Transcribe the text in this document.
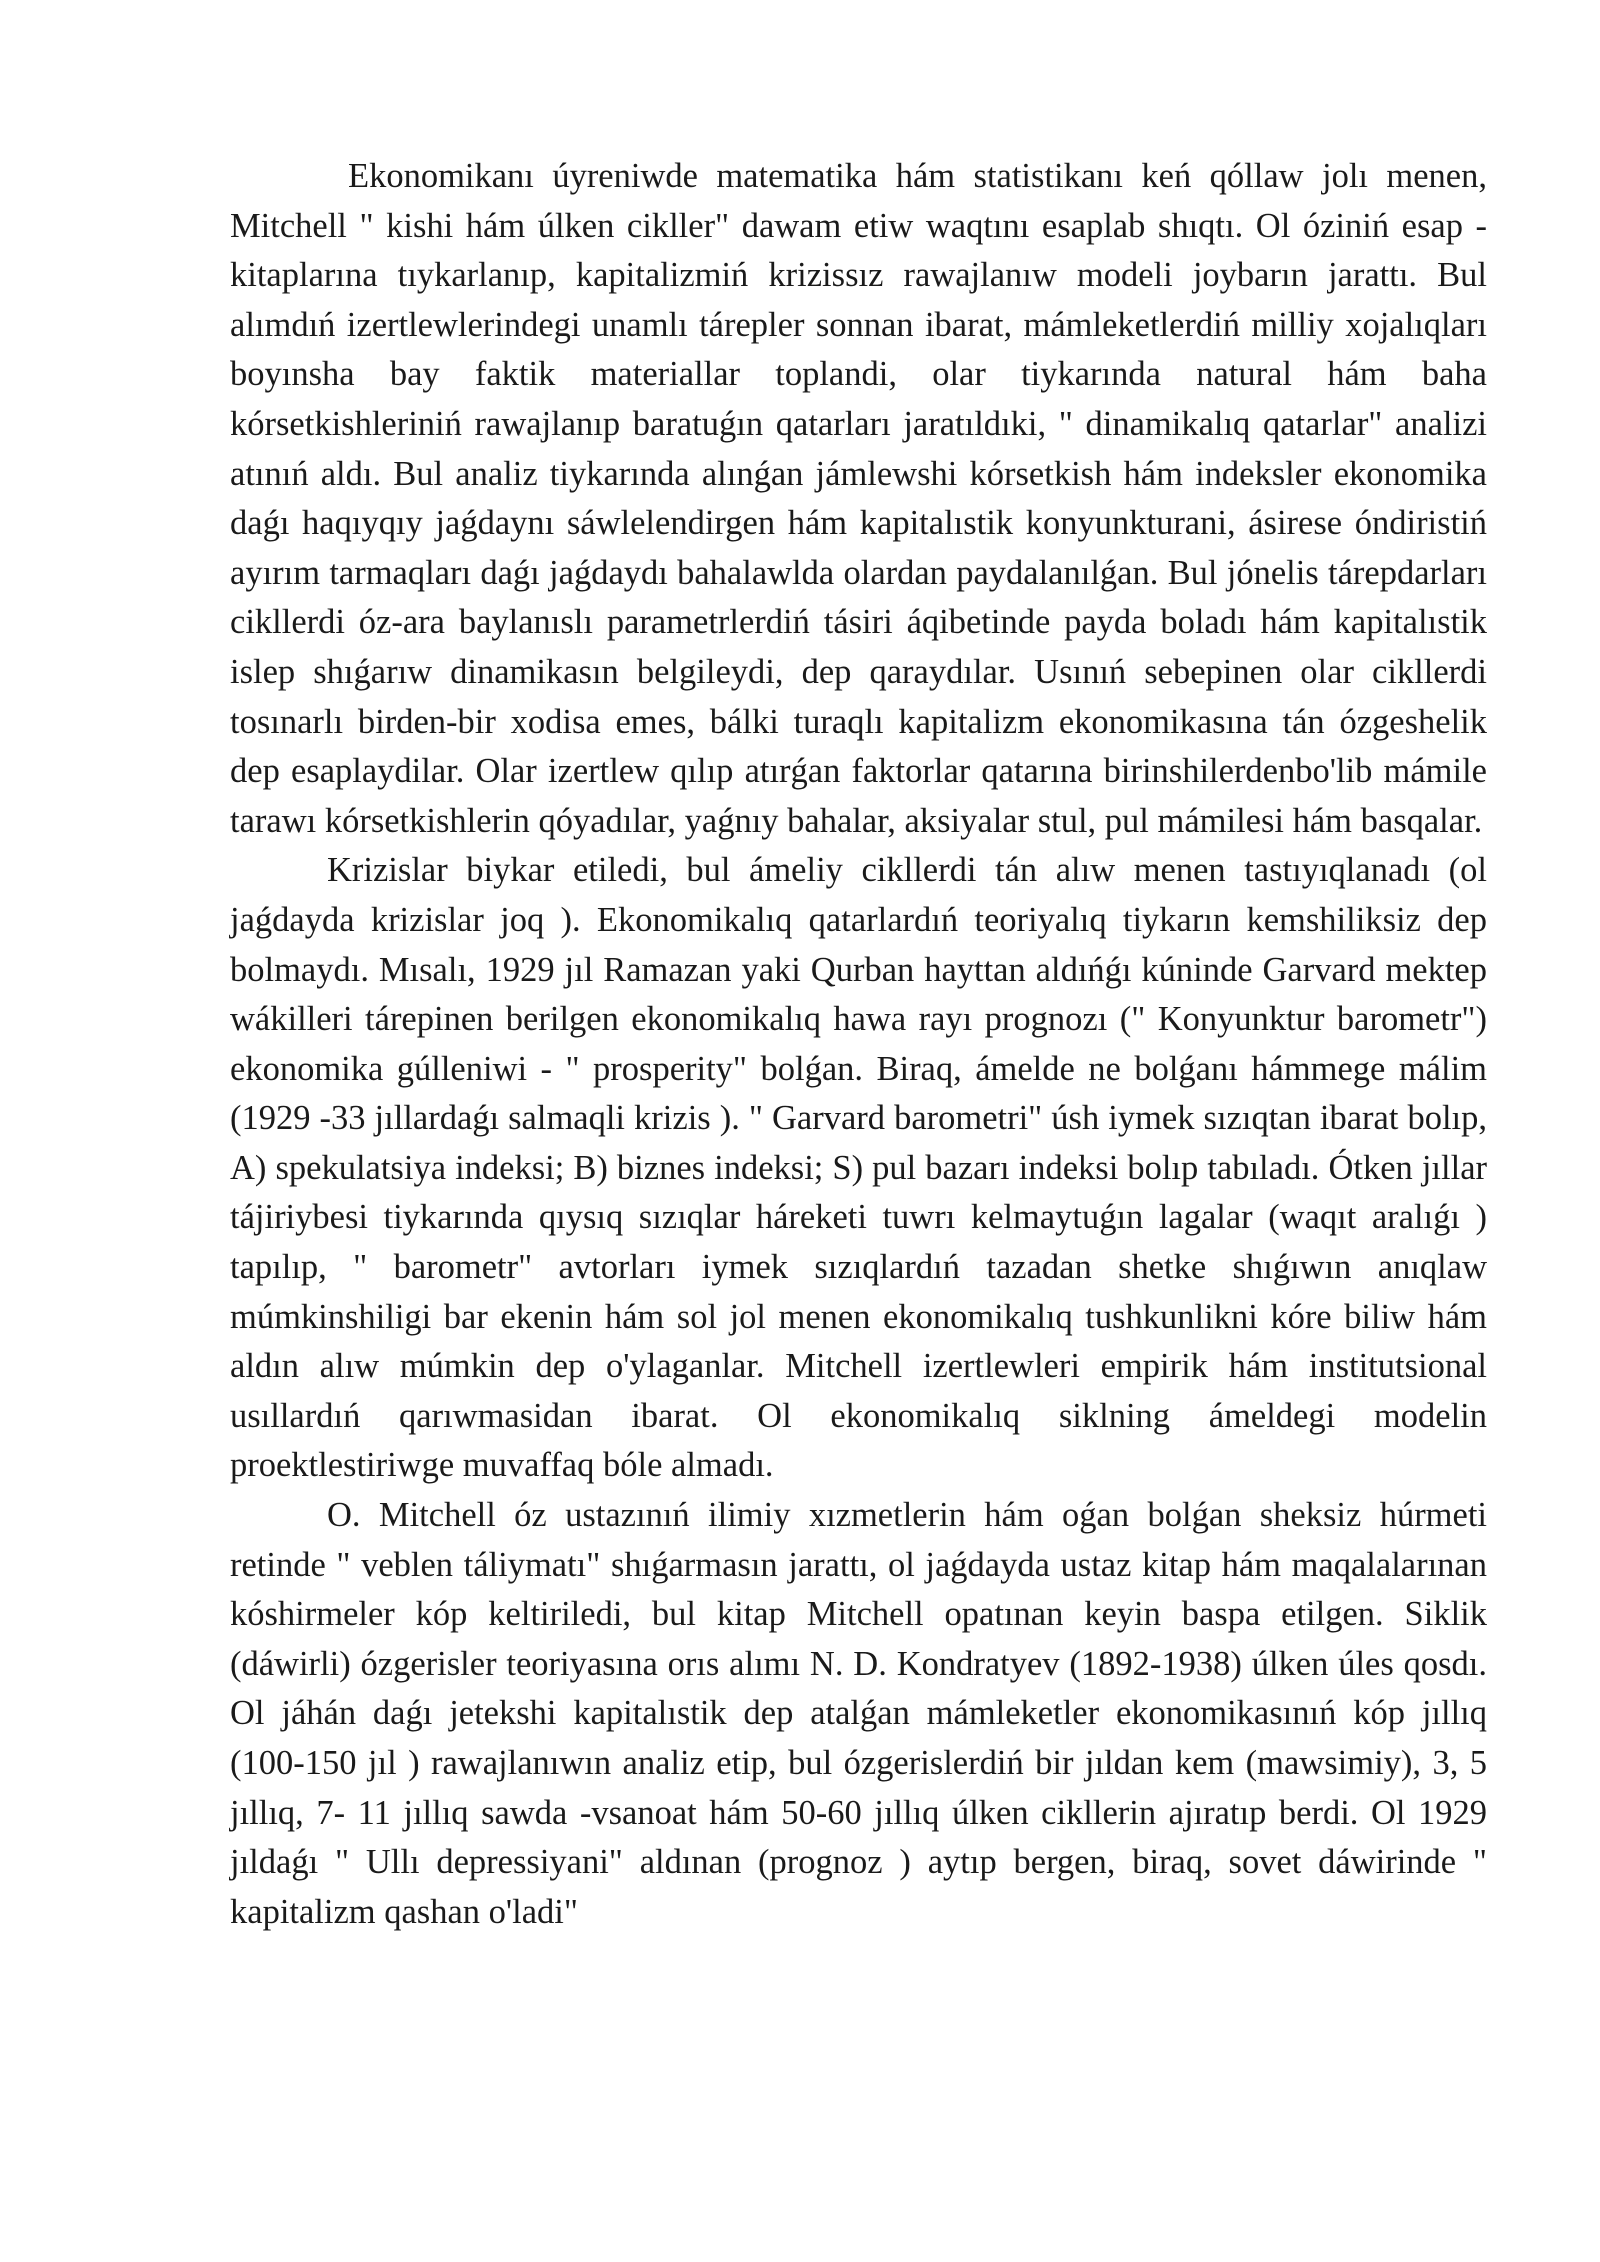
Ekonomikanı úyreniwde matematika hám statistikanı keń qóllaw jolı menen, Mitchell " kishi hám úlken cikller" dawam etiw waqtını esaplab shıqtı. Ol óziniń esap -kitaplarına tıykarlanıp, kapitalizmiń krizissız rawajlanıw modeli joybarın jarattı. Bul alımdıń izertlewlerindegi unamlı tárepler sonnan ibarat, mámleketlerdiń milliy xojalıqları boyınsha bay faktik materiallar toplandi, olar tiykarında natural hám baha kórsetkishleriniń rawajlanıp baratuǵın qatarları jaratıldıki, " dinamikalıq qatarlar" analizi atınıń aldı. Bul analiz tiykarında alınǵan jámlewshi kórsetkish hám indeksler ekonomika daǵı haqıyqıy jaǵdaynı sáwlelendirgen hám kapitalıstik konyunkturani, ásirese óndiristiń ayırım tarmaqları daǵı jaǵdaydı bahalawlda olardan paydalanılǵan. Bul jónelis tárepdarları cikllerdi óz-ara baylanıslı parametrlerdiń tásiri áqibetinde payda boladı hám kapitalıstik islep shıǵarıw dinamikasın belgileydi, dep qaraydılar. Usınıń sebepinen olar cikllerdi tosınarlı birden-bir xodisa emes, bálki turaqlı kapitalizm ekonomikasına tán ózgeshelik dep esaplaydilar. Olar izertlew qılıp atırǵan faktorlar qatarına birinshilerdenbo'lib mámile tarawı kórsetkishlerin qóyadılar, yaǵnıy bahalar, aksiyalar stul, pul mámilesi hám basqalar.

Krizislar biykar etiledi, bul ámeliy cikllerdi tán alıw menen tastıyıqlanadı (ol jaǵdayda krizislar joq ). Ekonomikalıq qatarlardıń teoriyalıq tiykarın kemshiliksiz dep bolmaydı. Mısalı, 1929 jıl Ramazan yaki Qurban hayttan aldıńǵı kúninde Garvard mektep wákilleri tárepinen berilgen ekonomikalıq hawa rayı prognozı (" Konyunktur barometr") ekonomika gúlleniwi - " prosperity" bolǵan. Biraq, ámelde ne bolǵanı hámmege málim (1929 -33 jıllardaǵı salmaqli krizis ). " Garvard barometri" úsh iymek sızıqtan ibarat bolıp, A) spekulatsiya indeksi; B) biznes indeksi; S) pul bazarı indeksi bolıp tabıladı. Ótken jıllar tájiriybesi tiykarında qıysıq sızıqlar háreketi tuwrı kelmaytuǵın lagalar (waqıt aralıǵı ) tapılıp, " barometr" avtorları iymek sızıqlardıń tazadan shetke shıǵıwın anıqlaw múmkinshiligi bar ekenin hám sol jol menen ekonomikalıq tushkunlikni kóre biliw hám aldın alıw múmkin dep o'ylaganlar. Mitchell izertlewleri empirik hám institutsional usıllardıń qarıwmasidan ibarat. Ol ekonomikalıq siklning ámeldegi modelin proektlestiriwge muvaffaq bóle almadı.

O. Mitchell óz ustazınıń ilimiy xızmetlerin hám oǵan bolǵan sheksiz húrmeti retinde " veblen táliymatı" shıǵarmasın jarattı, ol jaǵdayda ustaz kitap hám maqalalarınan kóshirmeler kóp keltiriledi, bul kitap Mitchell opatınan keyin baspa etilgen. Siklik (dáwirli) ózgerisler teoriyasına orıs alımı N. D. Kondratyev (1892-1938) úlken úles qosdı. Ol jáhán daǵı jetekshi kapitalıstik dep atalǵan mámleketler ekonomikasınıń kóp jıllıq (100-150 jıl ) rawajlanıwın analiz etip, bul ózgerislerdiń bir jıldan kem (mawsimiy), 3, 5 jıllıq, 7- 11 jıllıq sawda -vsanoat hám 50-60 jıllıq úlken cikllerin ajıratıp berdi. Ol 1929 jıldaǵı " Ullı depressiyani" aldınan (prognoz ) aytıp bergen, biraq, sovet dáwirinde " kapitalizm qashan o'ladi"
